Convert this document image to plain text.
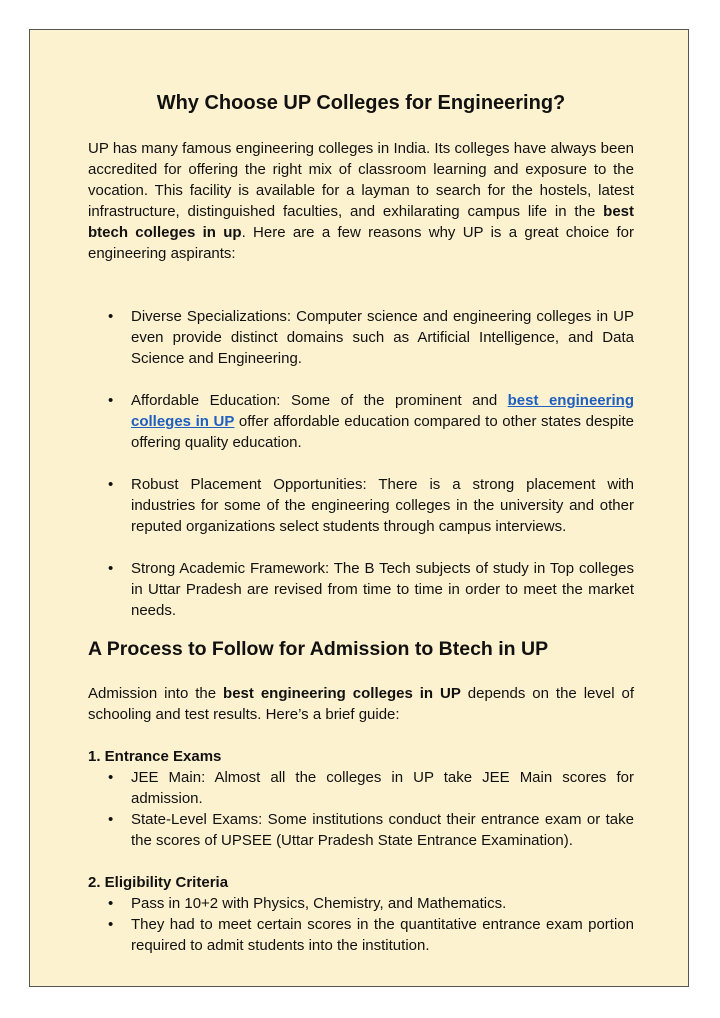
Why Choose UP Colleges for Engineering?

UP has many famous engineering colleges in India. Its colleges have always been accredited for offering the right mix of classroom learning and exposure to the vocation. This facility is available for a layman to search for the hostels, latest infrastructure, distinguished faculties, and exhilarating campus life in the best btech colleges in up. Here are a few reasons why UP is a great choice for engineering aspirants:

• Diverse Specializations: Computer science and engineering colleges in UP even provide distinct domains such as Artificial Intelligence, and Data Science and Engineering.
• Affordable Education: Some of the prominent and best engineering colleges in UP offer affordable education compared to other states despite offering quality education.
• Robust Placement Opportunities: There is a strong placement with industries for some of the engineering colleges in the university and other reputed organizations select students through campus interviews.
• Strong Academic Framework: The B Tech subjects of study in Top colleges in Uttar Pradesh are revised from time to time in order to meet the market needs.
A Process to Follow for Admission to Btech in UP

Admission into the best engineering colleges in UP depends on the level of schooling and test results. Here’s a brief guide:

1. Entrance Exams
• JEE Main: Almost all the colleges in UP take JEE Main scores for admission.
• State-Level Exams: Some institutions conduct their entrance exam or take the scores of UPSEE (Uttar Pradesh State Entrance Examination).
2. Eligibility Criteria
• Pass in 10+2 with Physics, Chemistry, and Mathematics.
• They had to meet certain scores in the quantitative entrance exam portion required to admit students into the institution.
